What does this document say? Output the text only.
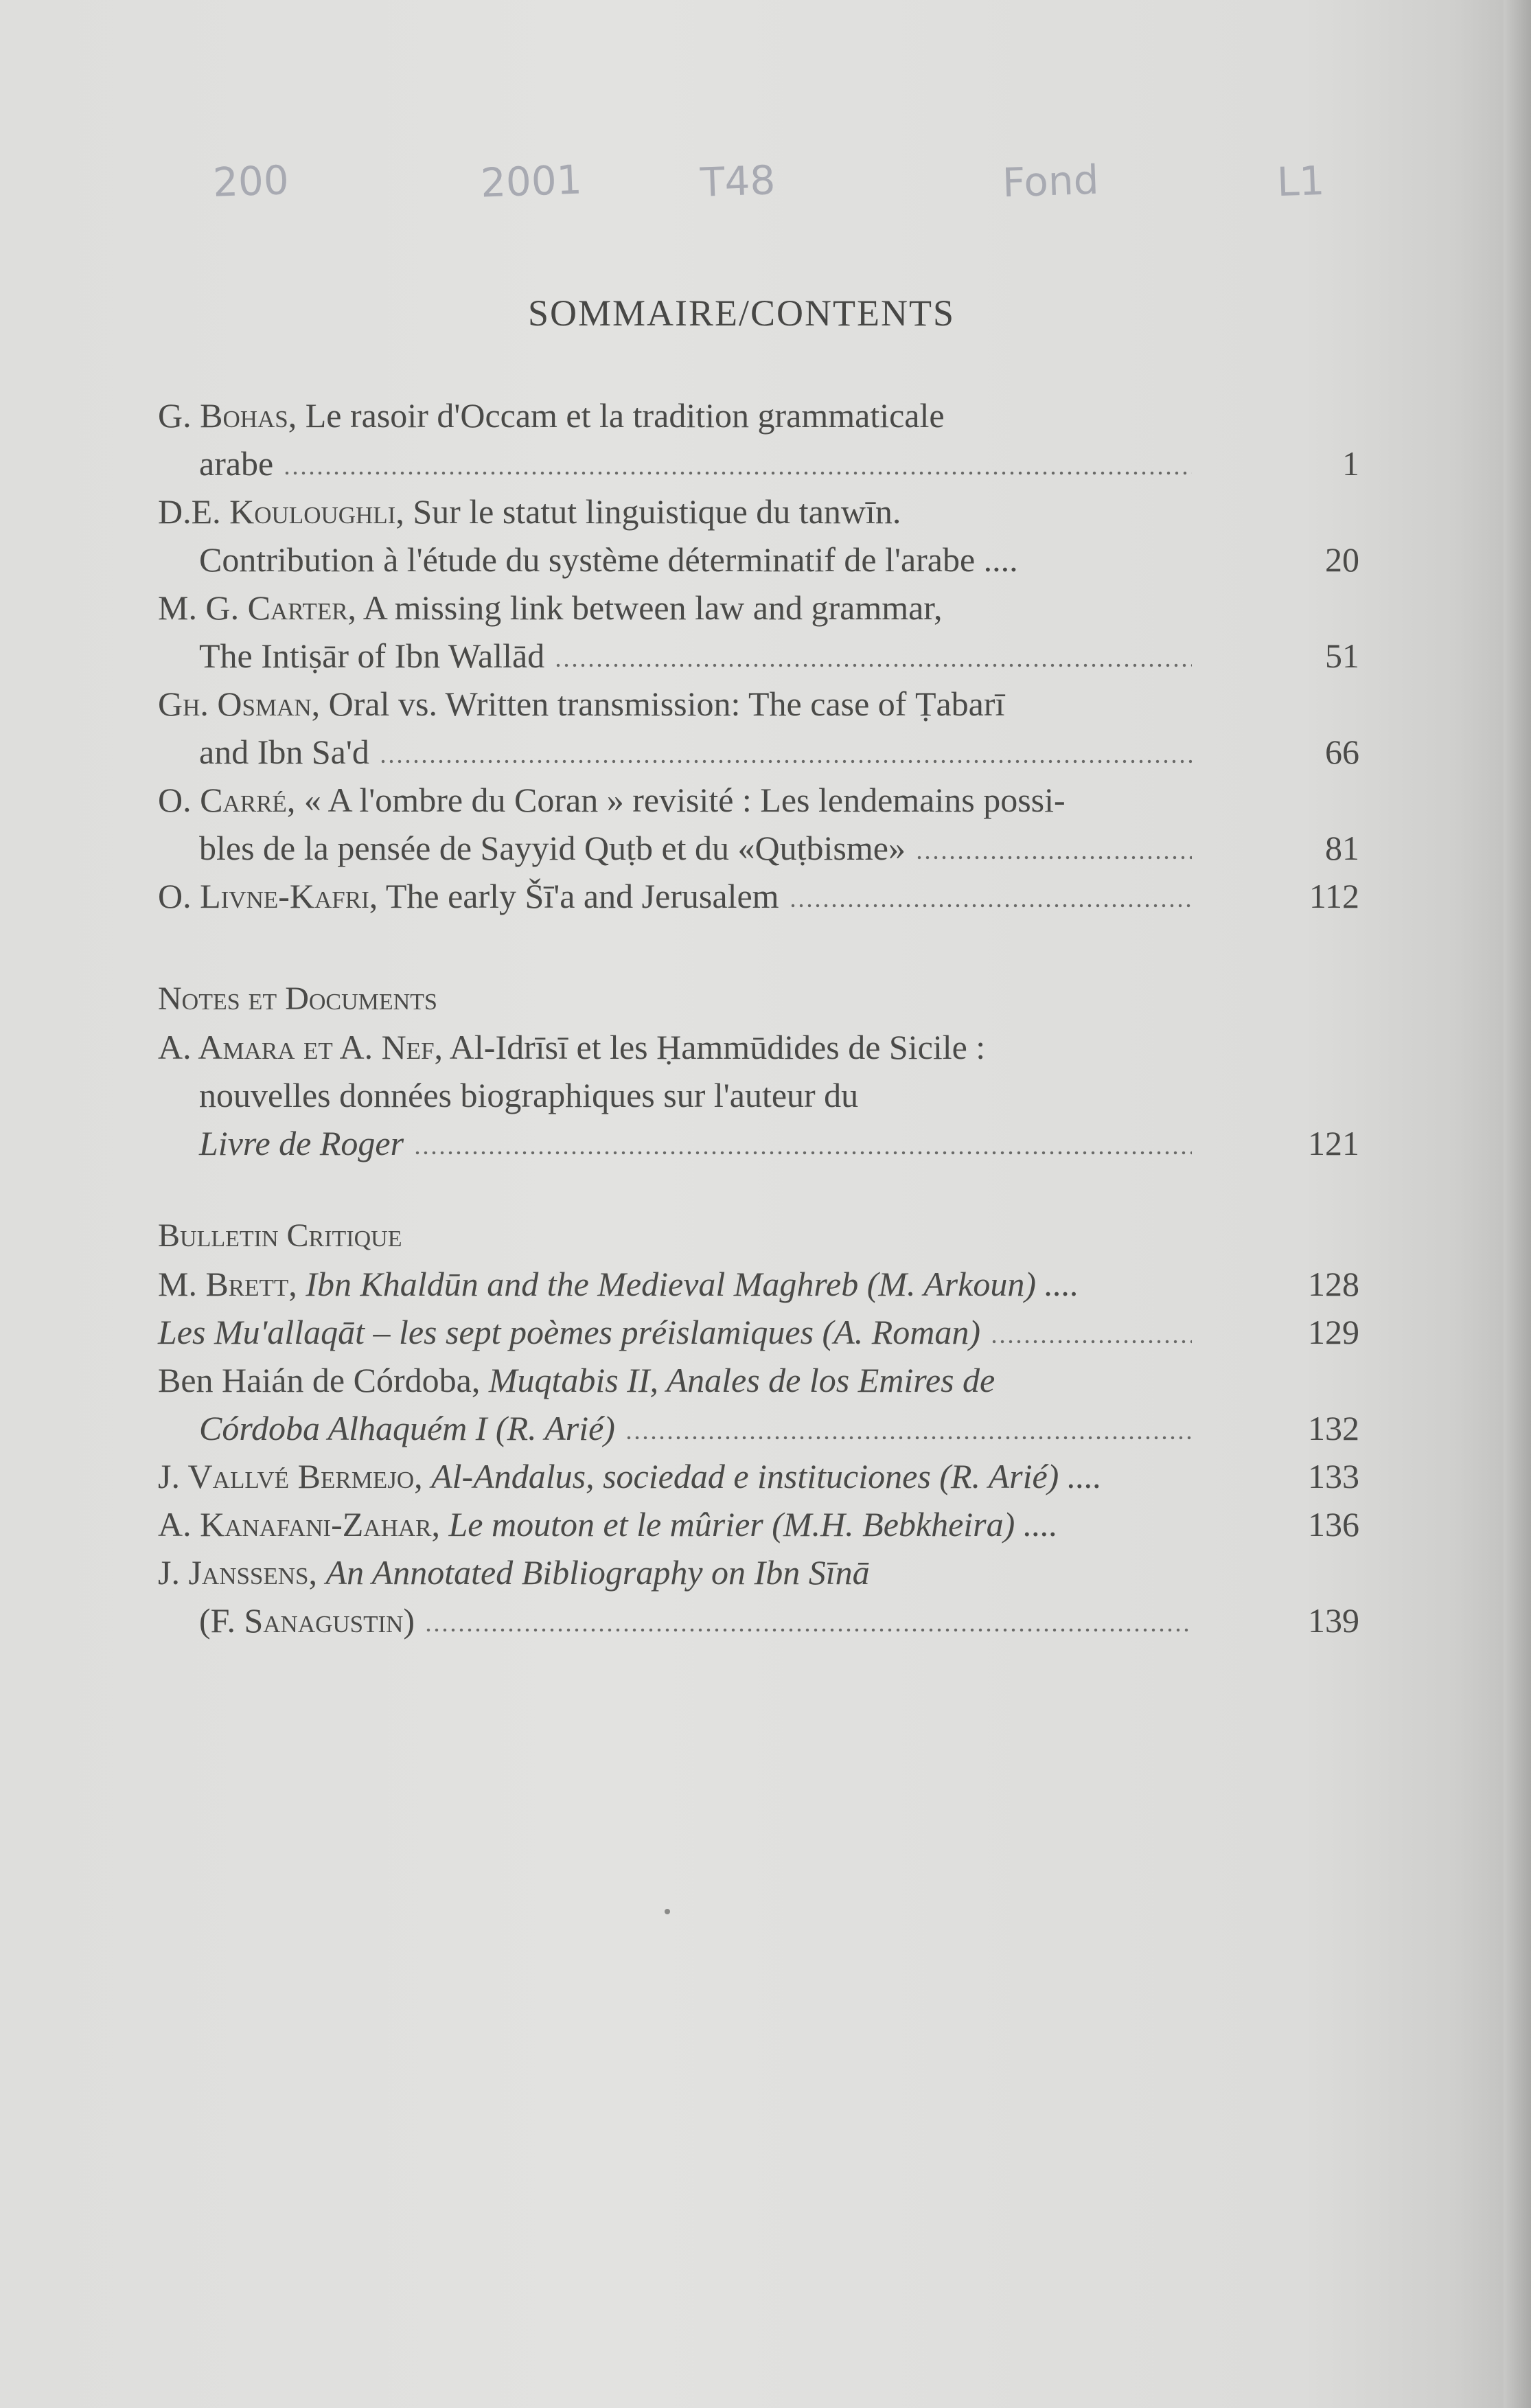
200	2001	T48	Fond	L1
SOMMAIRE/CONTENTS
G. Bohas, Le rasoir d'Occam et la tradition grammaticale
arabe	1
D.E. Kouloughli, Sur le statut linguistique du tanwīn.
Contribution à l'étude du système déterminatif de l'arabe ....	20
M. G. Carter, A missing link between law and grammar,
The Intiṣār of Ibn Wallād	51
Gh. Osman, Oral vs. Written transmission: The case of Ṭabarī
and Ibn Sa'd	66
O. Carré, « A l'ombre du Coran » revisité : Les lendemains possi-
bles de la pensée de Sayyid Quṭb et du «Quṭbisme»	81
O. Livne-Kafri, The early Šī'a and Jerusalem	112
Notes et Documents
A. Amara et A. Nef, Al-Idrīsī et les Ḥammūdides de Sicile :
nouvelles données biographiques sur l'auteur du
Livre de Roger	121
Bulletin Critique
M. Brett, Ibn Khaldūn and the Medieval Maghreb (M. Arkoun) ....	128
Les Mu'allaqāt – les sept poèmes préislamiques (A. Roman)	129
Ben Haián de Córdoba, Muqtabis II, Anales de los Emires de
Córdoba Alhaquém I (R. Arié)	132
J. Vallvé Bermejo, Al-Andalus, sociedad e instituciones (R. Arié) ....	133
A. Kanafani-Zahar, Le mouton et le mûrier (M.H. Bebkheira) ....	136
J. Janssens, An Annotated Bibliography on Ibn Sīnā
(F. Sanagustin)	139
